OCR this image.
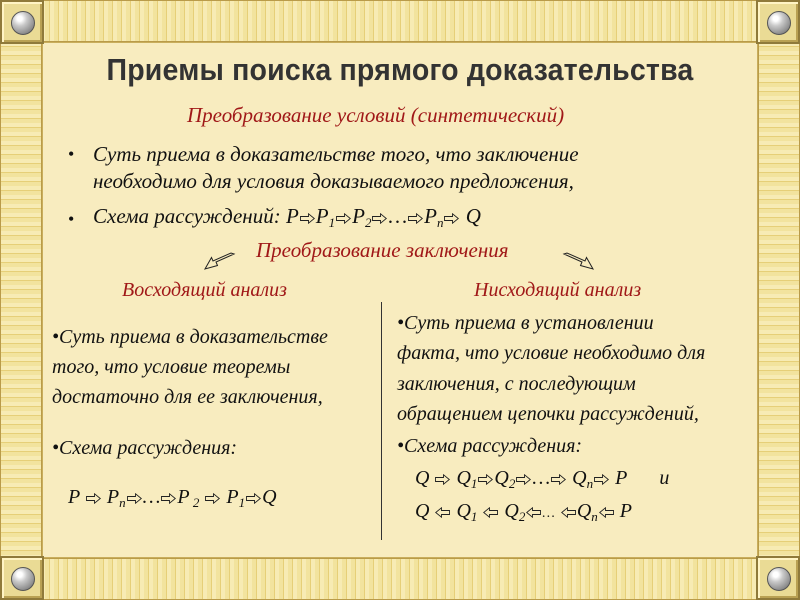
Приемы поиска прямого доказательства
Преобразование условий (синтетический)
• Суть приема в доказательстве того, что заключение
необходимо для условия доказываемого предложения,
• Схема рассуждений: P $P_1$ $P_2$ … $P_n$ Q
Преобразование заключения
Восходящий анализ	Нисходящий анализ
•Суть приема в доказательстве
того, что условие теоремы
достаточно для ее заключения,
•Схема рассуждения:
P $P_n$ … P $_2$ $P_1$ Q
•Суть приема в установлении
факта, что условие необходимо для
заключения, с последующим
обращением цепочки рассуждений,
•Схема рассуждения:
Q $Q_1$ $Q_2$ … $Q_n$ P и
Q $Q_1$ $Q_2$ … $Q_n$ P
